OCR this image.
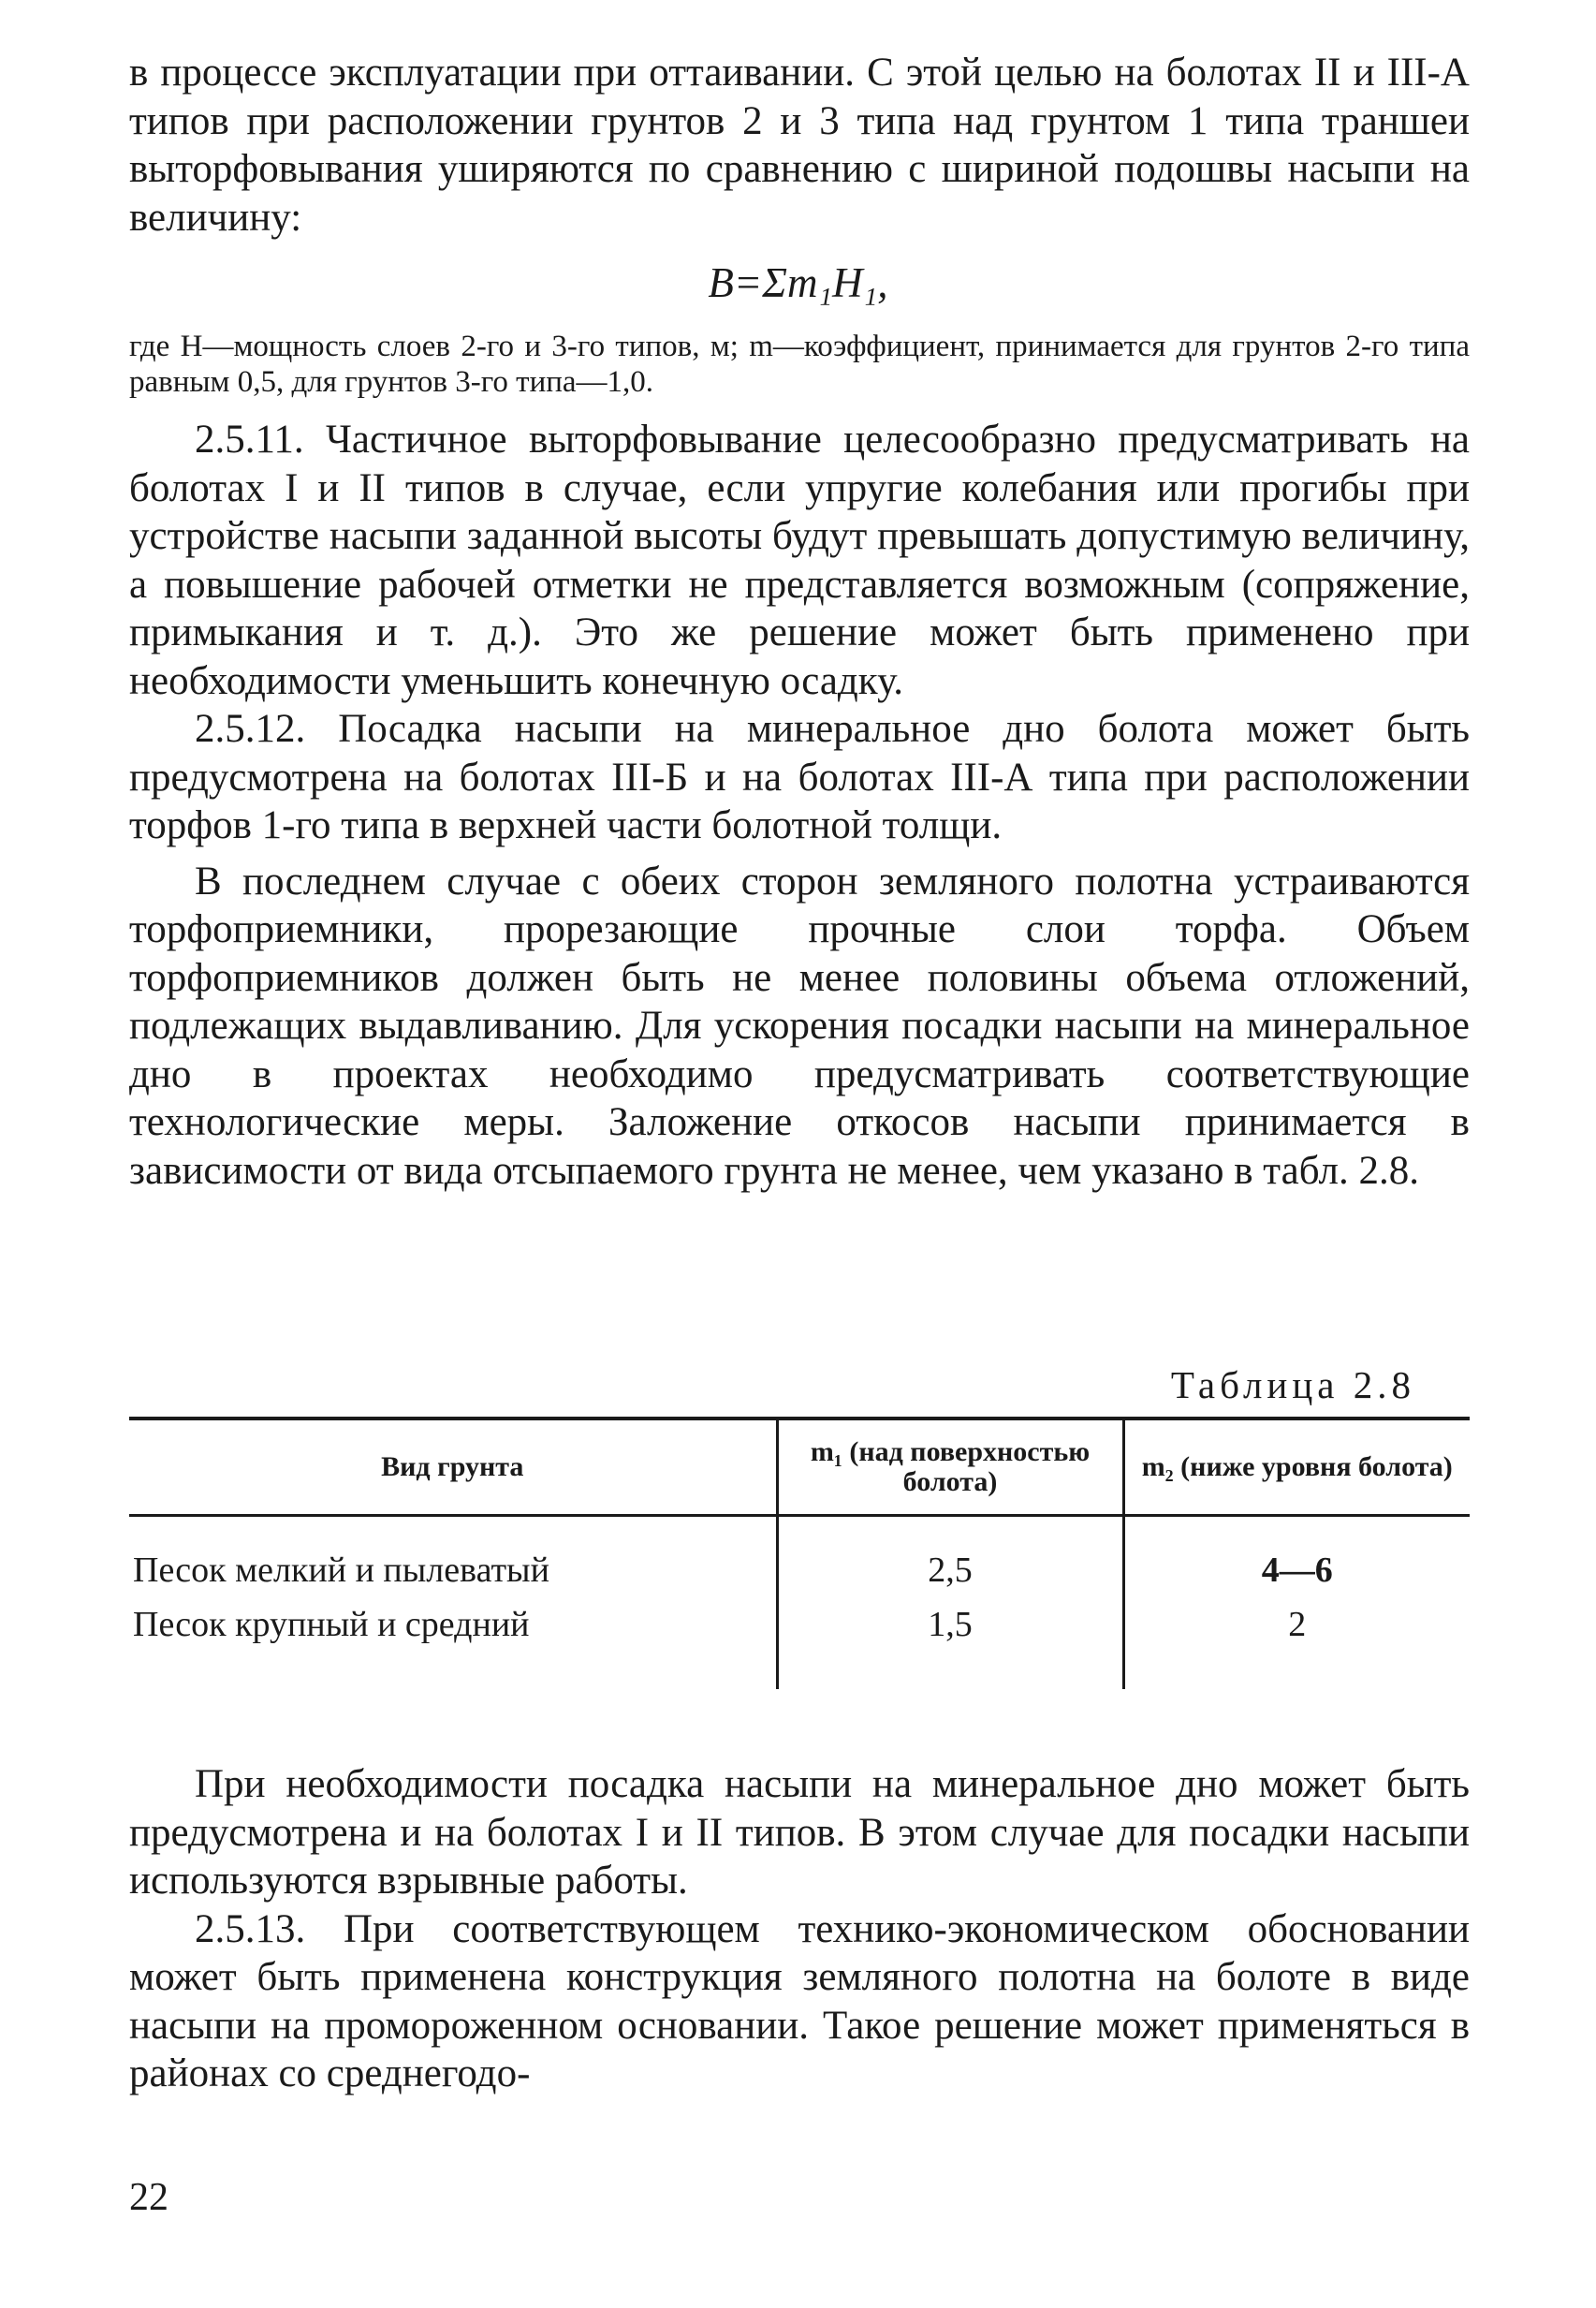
в процессе эксплуатации при оттаивании. С этой целью на болотах II и III-А типов при расположении грунтов 2 и 3 типа над грунтом 1 типа траншеи выторфовывания уширяются по сравнению с шириной подошвы насыпи на величину:

B=Σm₁H₁,

где H—мощность слоев 2-го и 3-го типов, м; m—коэффициент, принимается для грунтов 2-го типа равным 0,5, для грунтов 3-го типа—1,0.

2.5.11. Частичное выторфовывание целесообразно предусматривать на болотах I и II типов в случае, если упругие колебания или прогибы при устройстве насыпи заданной высоты будут превышать допустимую величину, а повышение рабочей отметки не представляется возможным (сопряжение, примыкания и т. д.). Это же решение может быть применено при необходимости уменьшить конечную осадку.

2.5.12. Посадка насыпи на минеральное дно болота может быть предусмотрена на болотах III-Б и на болотах III-А типа при расположении торфов 1-го типа в верхней части болотной толщи.

В последнем случае с обеих сторон земляного полотна устраиваются торфоприемники, прорезающие прочные слои торфа. Объем торфоприемников должен быть не менее половины объема отложений, подлежащих выдавливанию. Для ускорения посадки насыпи на минеральное дно в проектах необходимо предусматривать соответствующие технологические меры. Заложение откосов насыпи принимается в зависимости от вида отсыпаемого грунта не менее, чем указано в табл. 2.8.

Таблица 2.8
Вид грунта	m₁ (над поверхностью болота)	m₂ (ниже уровня болота)
Песок мелкий и пылеватый	2,5	4—6
Песок крупный и средний	1,5	2

При необходимости посадка насыпи на минеральное дно может быть предусмотрена и на болотах I и II типов. В этом случае для посадки насыпи используются взрывные работы.

2.5.13. При соответствующем технико-экономическом обосновании может быть применена конструкция земляного полотна на болоте в виде насыпи на промороженном основании. Такое решение может применяться в районах со среднегодо-

22
